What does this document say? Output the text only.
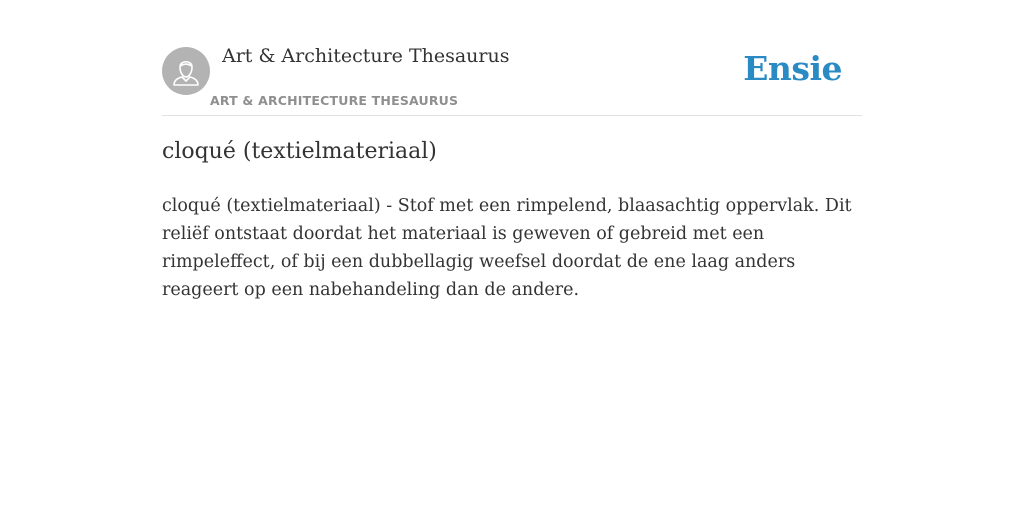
Art & Architecture Thesaurus
ART & ARCHITECTURE THESAURUS
Ensie
cloqué (textielmateriaal)

cloqué (textielmateriaal) - Stof met een rimpelend, blaasachtig oppervlak. Dit reliëf ontstaat doordat het materiaal is geweven of gebreid met een rimpeleffect, of bij een dubbellagig weefsel doordat de ene laag anders reageert op een nabehandeling dan de andere.
